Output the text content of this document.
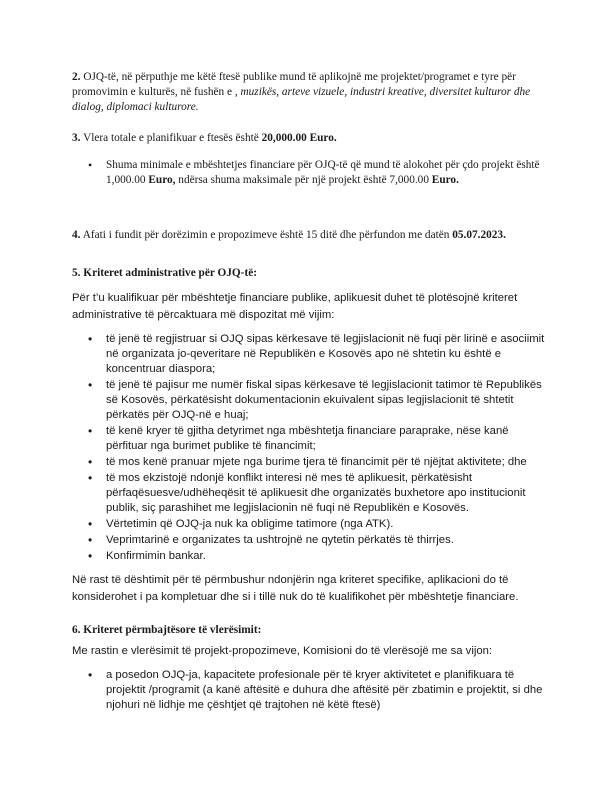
2. OJQ-të, në përputhje me këtë ftesë publike mund të aplikojnë me projektet/programet e tyre për promovimin e kulturës, në fushën e , muzikës, arteve vizuele, industri kreative, diversitet kulturor dhe dialog, diplomaci kulturore.
3. Vlera totale e planifikuar e ftesës është 20,000.00 Euro.
• Shuma minimale e mbështetjes financiare për OJQ-të që mund të alokohet për çdo projekt është 1,000.00 Euro, ndërsa shuma maksimale për një projekt është 7,000.00 Euro.
4. Afati i fundit për dorëzimin e propozimeve është 15 ditë dhe përfundon me datën 05.07.2023.
5. Kriteret administrative për OJQ-të:
Për t’u kualifikuar për mbështetje financiare publike, aplikuesit duhet të plotësojnë kriteret administrative të përcaktuara më dispozitat më vijim:
• të jenë të regjistruar si OJQ sipas kërkesave të legjislacionit në fuqi për lirinë e asociimit në organizata jo-qeveritare në Republikën e Kosovës apo në shtetin ku është e koncentruar diaspora;
• të jenë të pajisur me numër fiskal sipas kërkesave të legjislacionit tatimor të Republikës së Kosovës, përkatësisht dokumentacionin ekuivalent sipas legjislacionit të shtetit përkatës për OJQ-në e huaj;
• të kenë kryer të gjitha detyrimet nga mbështetja financiare paraprake, nëse kanë përfituar nga burimet publike të financimit;
• të mos kenë pranuar mjete nga burime tjera të financimit për të njëjtat aktivitete; dhe
• të mos ekzistojë ndonjë konflikt interesi në mes të aplikuesit, përkatësisht përfaqësuesve/udhëheqësit të aplikuesit dhe organizatës buxhetore apo institucionit publik, siç parashihet me legjislacionin në fuqi në Republikën e Kosovës.
• Vërtetimin që OJQ-ja nuk ka obligime tatimore (nga ATK).
• Veprimtarinë e organizates ta ushtrojnë ne qytetin përkatës të thirrjes.
• Konfirmimin bankar.
Në rast të dështimit për të përmbushur ndonjërin nga kriteret specifike, aplikacioni do të konsiderohet i pa kompletuar dhe si i tillë nuk do të kualifikohet për mbështetje financiare.
6. Kriteret përmbajtësore të vlerësimit:
Me rastin e vlerësimit të projekt-propozimeve, Komisioni do të vlerësojë me sa vijon:
• a posedon OJQ-ja, kapacitete profesionale për të kryer aktivitetet e planifikuara të projektit /programit (a kanë aftësitë e duhura dhe aftësitë për zbatimin e projektit, si dhe njohuri në lidhje me çështjet që trajtohen në këtë ftesë)
